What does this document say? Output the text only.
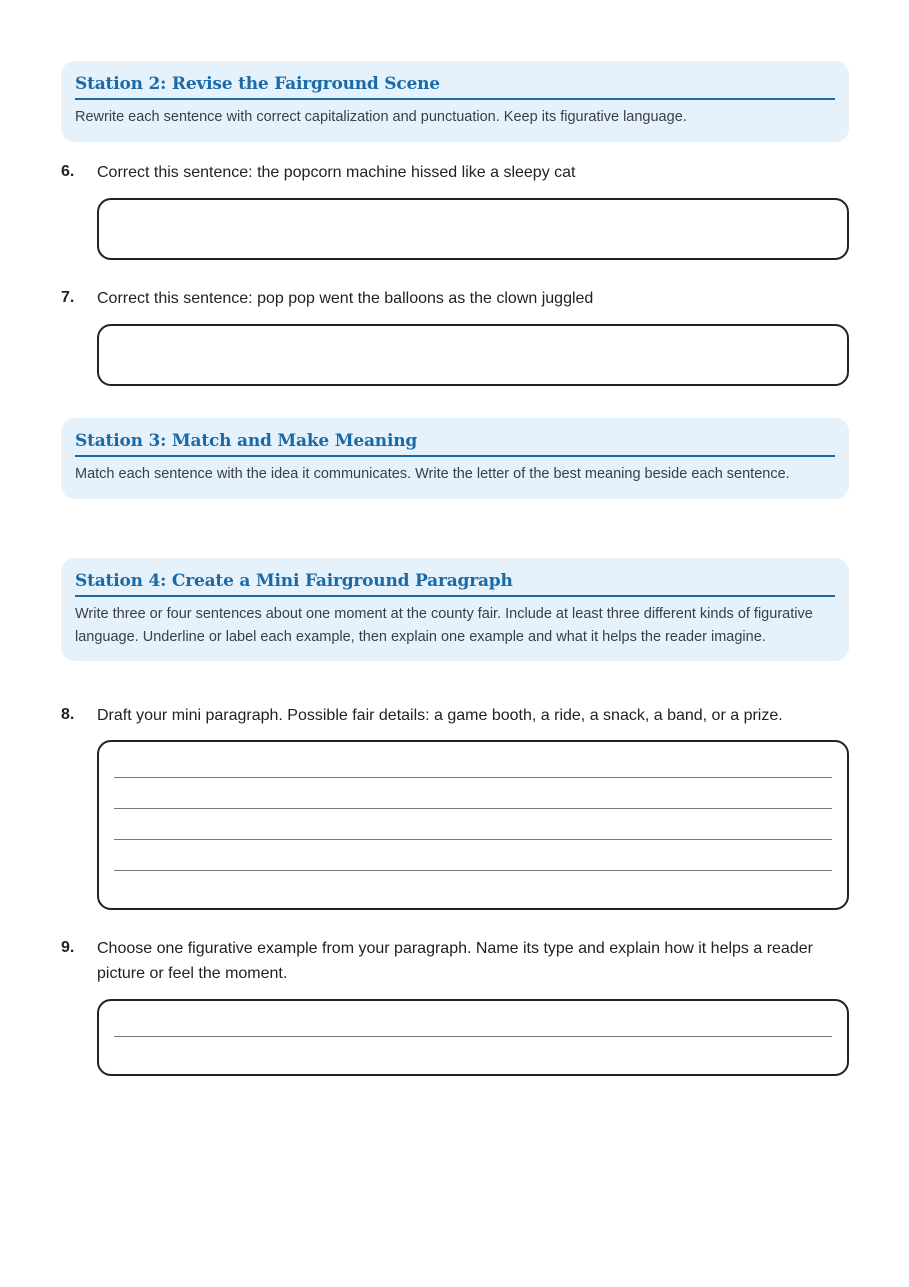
Station 2: Revise the Fairground Scene
Rewrite each sentence with correct capitalization and punctuation. Keep its figurative language.
6. Correct this sentence: the popcorn machine hissed like a sleepy cat
7. Correct this sentence: pop pop went the balloons as the clown juggled
Station 3: Match and Make Meaning
Match each sentence with the idea it communicates. Write the letter of the best meaning beside each sentence.
Station 4: Create a Mini Fairground Paragraph
Write three or four sentences about one moment at the county fair. Include at least three different kinds of figurative language. Underline or label each example, then explain one example and what it helps the reader imagine.
8. Draft your mini paragraph. Possible fair details: a game booth, a ride, a snack, a band, or a prize.
9. Choose one figurative example from your paragraph. Name its type and explain how it helps a reader picture or feel the moment.
